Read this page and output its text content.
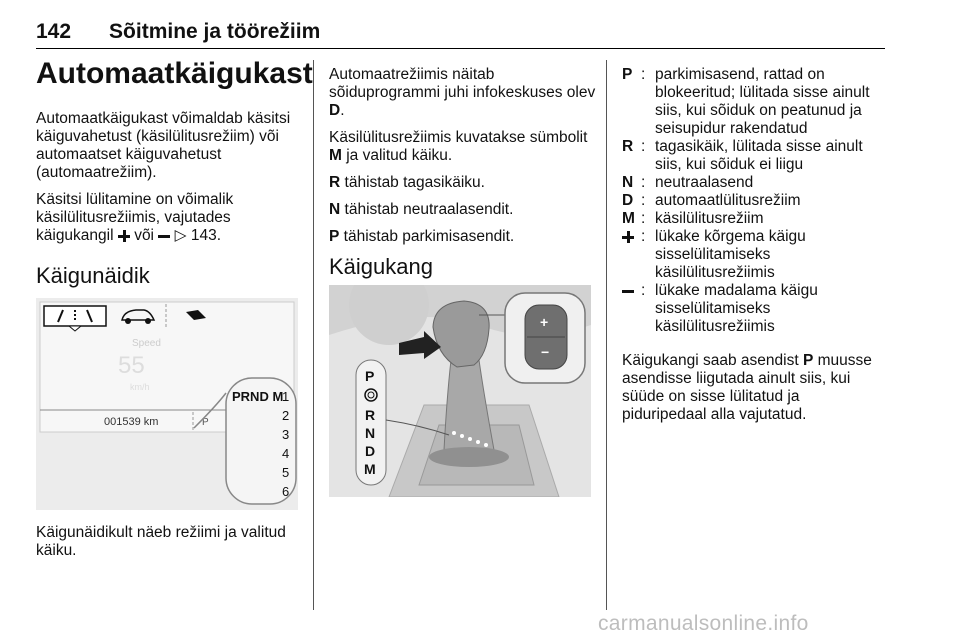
142 Sõitmine ja töörežiim
Automaatkäigukast

Automaatkäigukast võimaldab käsitsi käiguvahetust (käsilülitusrežiim) või automaatset käiguvahetust (automaatrežiim).

Käsitsi lülitamine on võimalik käsilülitusrežiimis, vajutades käigukangil või ▷ 143.

Käigunäidik
Speed
55
km/h
001539 km	P
PRND M
1
2
3
4
5
6
Käigunäidikult näeb režiimi ja valitud käiku.

Automaatrežiimis näitab sõiduprogrammi juhi infokeskuses olev D.

Käsilülitusrežiimis kuvatakse sümbolit M ja valitud käiku.

R tähistab tagasikäiku.

N tähistab neutraalasendit.

P tähistab parkimisasendit.

Käigukang
P
R
N
D
M
+
−
P : parkimisasend, rattad on blokeeritud; lülitada sisse ainult siis, kui sõiduk on peatunud ja seisupidur rakendatud
R : tagasikäik, lülitada sisse ainult siis, kui sõiduk ei liigu
N : neutraalasend
D : automaatlülitusrežiim
M : käsilülitusrežiim
: lükake kõrgema käigu sisselülitamiseks käsilülitusrežiimis
: lükake madalama käigu sisselülitamiseks käsilülitusrežiimis

Käigukangi saab asendist P muusse asendisse liigutada ainult siis, kui süüde on sisse lülitatud ja piduripedaal alla vajutatud.

carmanualsonline.info
